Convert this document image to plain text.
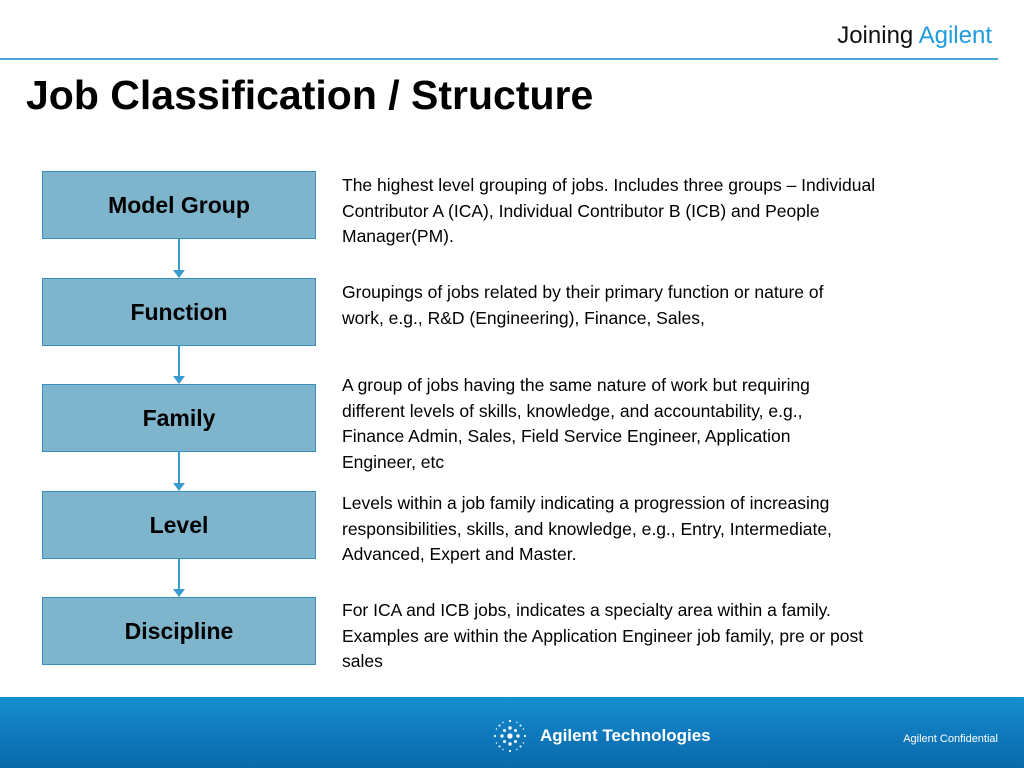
Joining Agilent
Job Classification / Structure
Model Group
Function
Family
Level
Discipline
The highest level grouping of jobs. Includes three groups – Individual
Contributor A (ICA), Individual Contributor B (ICB) and People
Manager(PM).
Groupings of jobs related by their primary function or nature of
work, e.g., R&D (Engineering), Finance, Sales,
A group of jobs having the same nature of work but requiring
different levels of skills, knowledge, and accountability, e.g.,
Finance Admin, Sales, Field Service Engineer, Application
Engineer, etc
Levels within a job family indicating a progression of increasing
responsibilities, skills, and knowledge, e.g., Entry, Intermediate,
Advanced, Expert and Master.
For ICA and ICB jobs, indicates a specialty area within a family.
Examples are within the Application Engineer job family, pre or post
sales
Agilent Technologies	Agilent Confidential
